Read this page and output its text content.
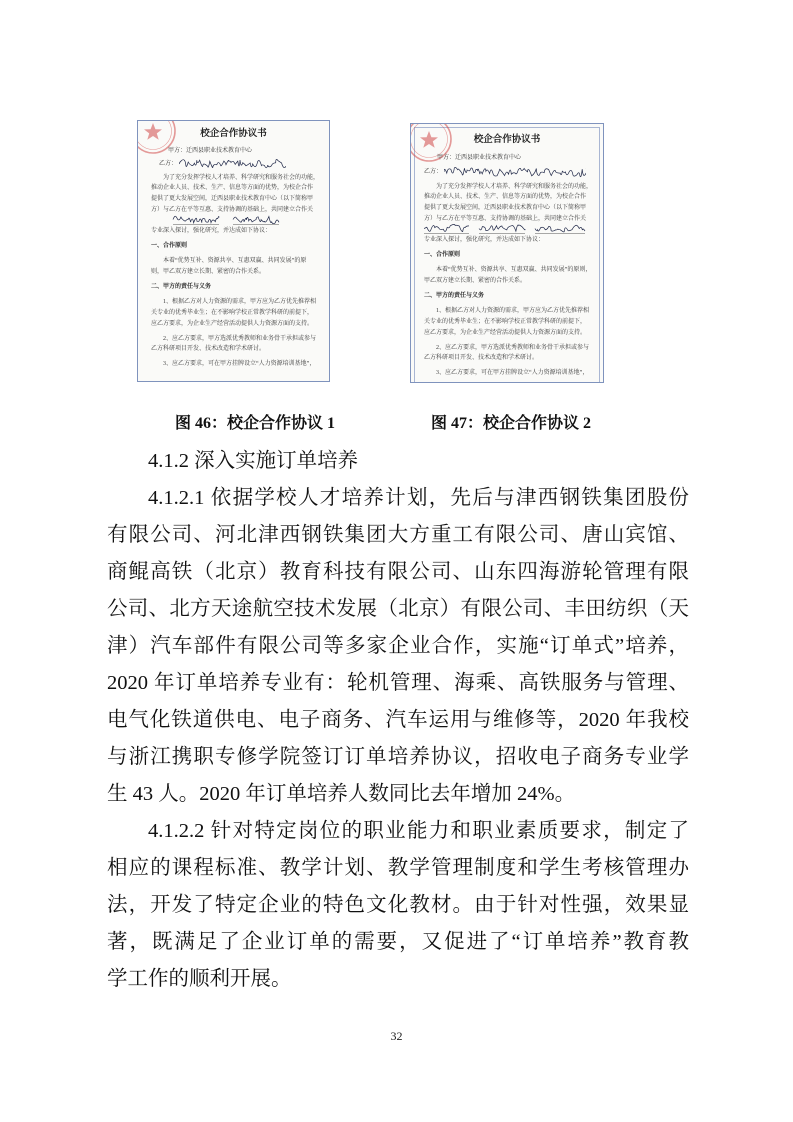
校企合作协议书
甲方：迁西县职业技术教育中心
乙方：
为了充分发挥学校人才培养、科学研究和服务社会的功能，
推动企业人员、技术、生产、信息等方面的优势，为校企合作
提供了更大发展空间，迁西县职业技术教育中心（以下简称甲
方）与乙方在平等互惠、支持协调的基础上，共同建立合作关
专业深入探讨，强化研究，并达成如下协议：
一、合作原则
本着“优势互补、资源共享、互惠双赢、共同发展”的原
则，甲乙双方建立长期、紧密的合作关系。
二、甲方的责任与义务
1、根据乙方对人力资源的需求，甲方应为乙方优先推荐相
关专业的优秀毕业生；在不影响学校正常教学科研的前提下，
应乙方要求，为企业生产经营活动提供人力资源方面的支持。
2、应乙方要求，甲方选派优秀教师和业务骨干承担或参与
乙方科研项目开发、技术改造和学术研讨。
3、应乙方要求，可在甲方挂牌设立“人力资源培训基地”，
校企合作协议书
甲方：迁西县职业技术教育中心
乙方：
为了充分发挥学校人才培养、科学研究和服务社会的功能，
推动企业人员、技术、生产、信息等方面的优势，为校企合作
提供了更大发展空间，迁西县职业技术教育中心（以下简称甲
方）与乙方在平等互惠、支持协调的基础上，共同建立合作关
专业深入探讨，强化研究，并达成如下协议：
一、合作原则
本着“优势互补、资源共享、互惠双赢、共同发展”的原则，
甲乙双方建立长期、紧密的合作关系。
二、甲方的责任与义务
1、根据乙方对人力资源的需求，甲方应为乙方优先推荐相
关专业的优秀毕业生；在不影响学校正常教学科研的前提下，
应乙方要求，为企业生产经营活动提供人力资源方面的支持。
2、应乙方要求，甲方选派优秀教师和业务骨干承担或参与
乙方科研项目开发、技术改造和学术研讨。
3、应乙方要求，可在甲方挂牌设立“人力资源培训基地”，
图 46：校企合作协议 1	图 47：校企合作协议 2
4.1.2 深入实施订单培养
4.1.2.1 依据学校人才培养计划，先后与津西钢铁集团股份
有限公司、河北津西钢铁集团大方重工有限公司、唐山宾馆、
商鲲高铁（北京）教育科技有限公司、山东四海游轮管理有限
公司、北方天途航空技术发展（北京）有限公司、丰田纺织（天
津）汽车部件有限公司等多家企业合作，实施“订单式”培养，
2020 年订单培养专业有：轮机管理、海乘、高铁服务与管理、
电气化铁道供电、电子商务、汽车运用与维修等，2020 年我校
与浙江携职专修学院签订订单培养协议，招收电子商务专业学
生 43 人。2020 年订单培养人数同比去年增加 24%。
4.1.2.2 针对特定岗位的职业能力和职业素质要求，制定了
相应的课程标准、教学计划、教学管理制度和学生考核管理办
法，开发了特定企业的特色文化教材。由于针对性强，效果显
著，既满足了企业订单的需要，又促进了“订单培养”教育教
学工作的顺利开展。
32
